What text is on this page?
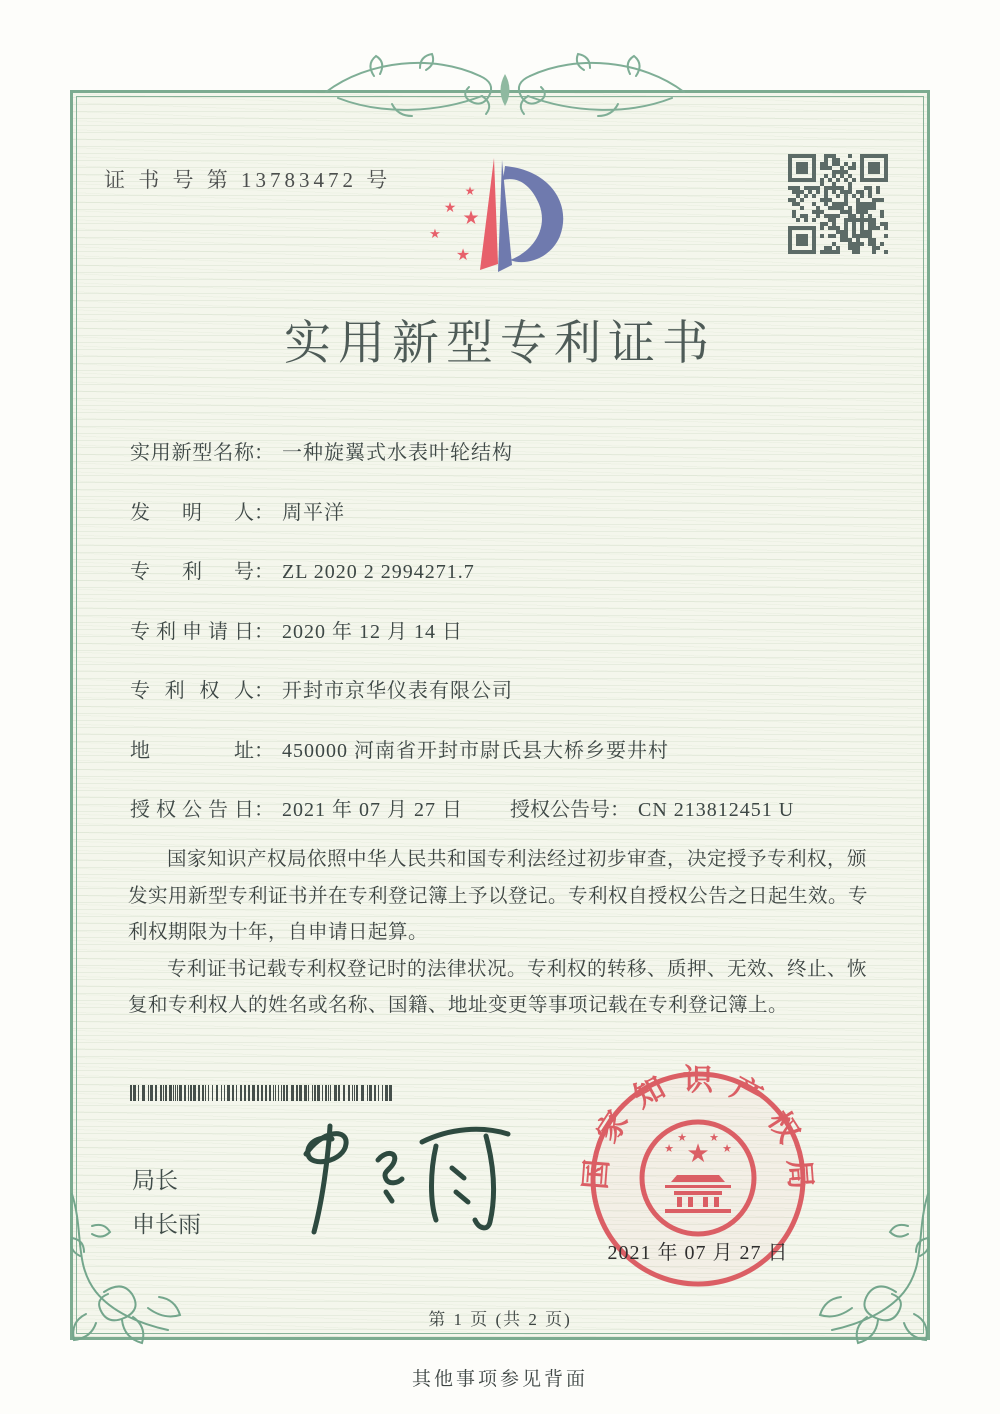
证 书 号 第 13783472 号	★
★ ★
★
★
实用新型专利证书
实用新型名称： 一种旋翼式水表叶轮结构
发明人： 周平洋
专利号： ZL 2020 2 2994271.7
专利申请日： 2020 年 12 月 14 日
专利权人： 开封市京华仪表有限公司
地址： 450000 河南省开封市尉氏县大桥乡要井村
授权公告日： 2021 年 07 月 27 日 授权公告号： CN 213812451 U

国家知识产权局依照中华人民共和国专利法经过初步审查，决定授予专利权，颁发实用新型专利证书并在专利登记簿上予以登记。专利权自授权公告之日起生效。专利权期限为十年，自申请日起算。

专利证书记载专利权登记时的法律状况。专利权的转移、质押、无效、终止、恢复和专利权人的姓名或名称、国籍、地址变更等事项记载在专利登记簿上。

局长
申长雨
国家知识产权局
★
★
★ ★
★
2021 年 07 月 27 日
第 1 页 (共 2 页)
其他事项参见背面
